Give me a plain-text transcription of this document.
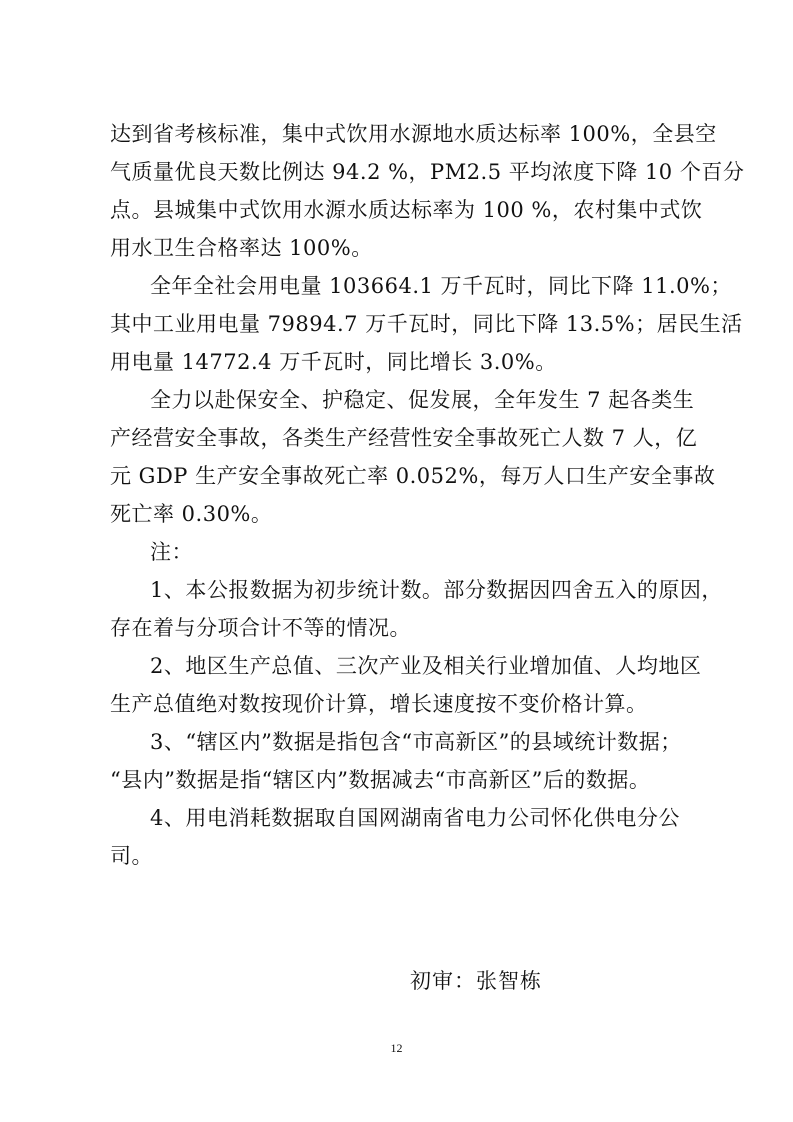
达到省考核标准，集中式饮用水源地水质达标率 100%，全县空
气质量优良天数比例达 94.2 %，PM2.5 平均浓度下降 10 个百分
点。县城集中式饮用水源水质达标率为 100 %，农村集中式饮
用水卫生合格率达 100%。
全年全社会用电量 103664.1 万千瓦时，同比下降 11.0%；
其中工业用电量 79894.7 万千瓦时，同比下降 13.5%；居民生活
用电量 14772.4 万千瓦时，同比增长 3.0%。
全力以赴保安全、护稳定、促发展，全年发生 7 起各类生
产经营安全事故，各类生产经营性安全事故死亡人数 7 人，亿
元 GDP 生产安全事故死亡率 0.052%，每万人口生产安全事故
死亡率 0.30%。
注：
1、本公报数据为初步统计数。部分数据因四舍五入的原因，
存在着与分项合计不等的情况。
2、地区生产总值、三次产业及相关行业增加值、人均地区
生产总值绝对数按现价计算，增长速度按不变价格计算。
3、“辖区内”数据是指包含“市高新区”的县域统计数据；
“县内”数据是指“辖区内”数据减去“市高新区”后的数据。
4、用电消耗数据取自国网湖南省电力公司怀化供电分公
司。
初审：张智栋
12
